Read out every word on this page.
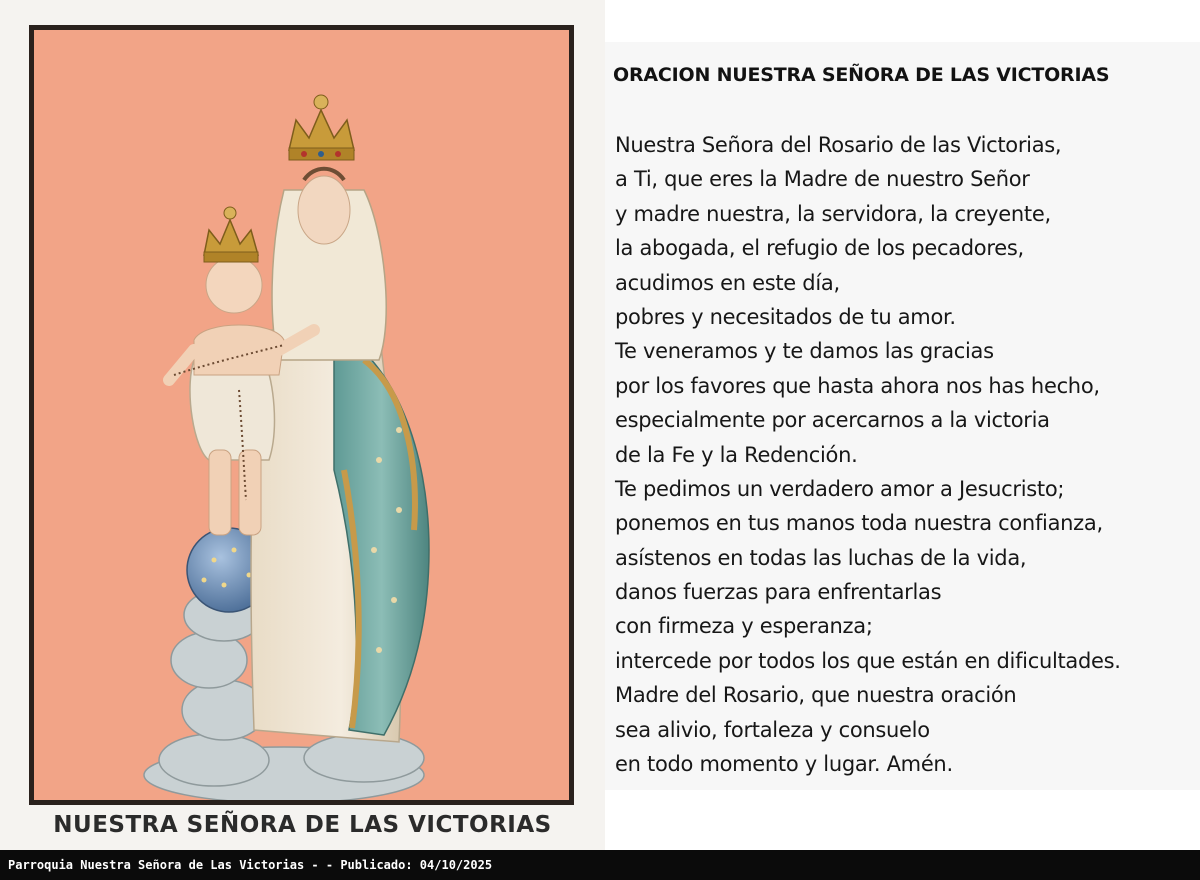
NUESTRA SEÑORA DE LAS VICTORIAS
ORACION NUESTRA SEÑORA DE LAS VICTORIAS
Nuestra Señora del Rosario de las Victorias,
a Ti, que eres la Madre de nuestro Señor
y madre nuestra, la servidora, la creyente,
la abogada, el refugio de los pecadores,
acudimos en este día,
pobres y necesitados de tu amor.
Te veneramos y te damos las gracias
por los favores que hasta ahora nos has hecho,
especialmente por acercarnos a la victoria
de la Fe y la Redención.
Te pedimos un verdadero amor a Jesucristo;
ponemos en tus manos toda nuestra confianza,
asístenos en todas las luchas de la vida,
danos fuerzas para enfrentarlas
con firmeza y esperanza;
intercede por todos los que están en dificultades.
Madre del Rosario, que nuestra oración
sea alivio, fortaleza y consuelo
en todo momento y lugar. Amén.
Parroquia Nuestra Señora de Las Victorias - - Publicado: 04/10/2025
